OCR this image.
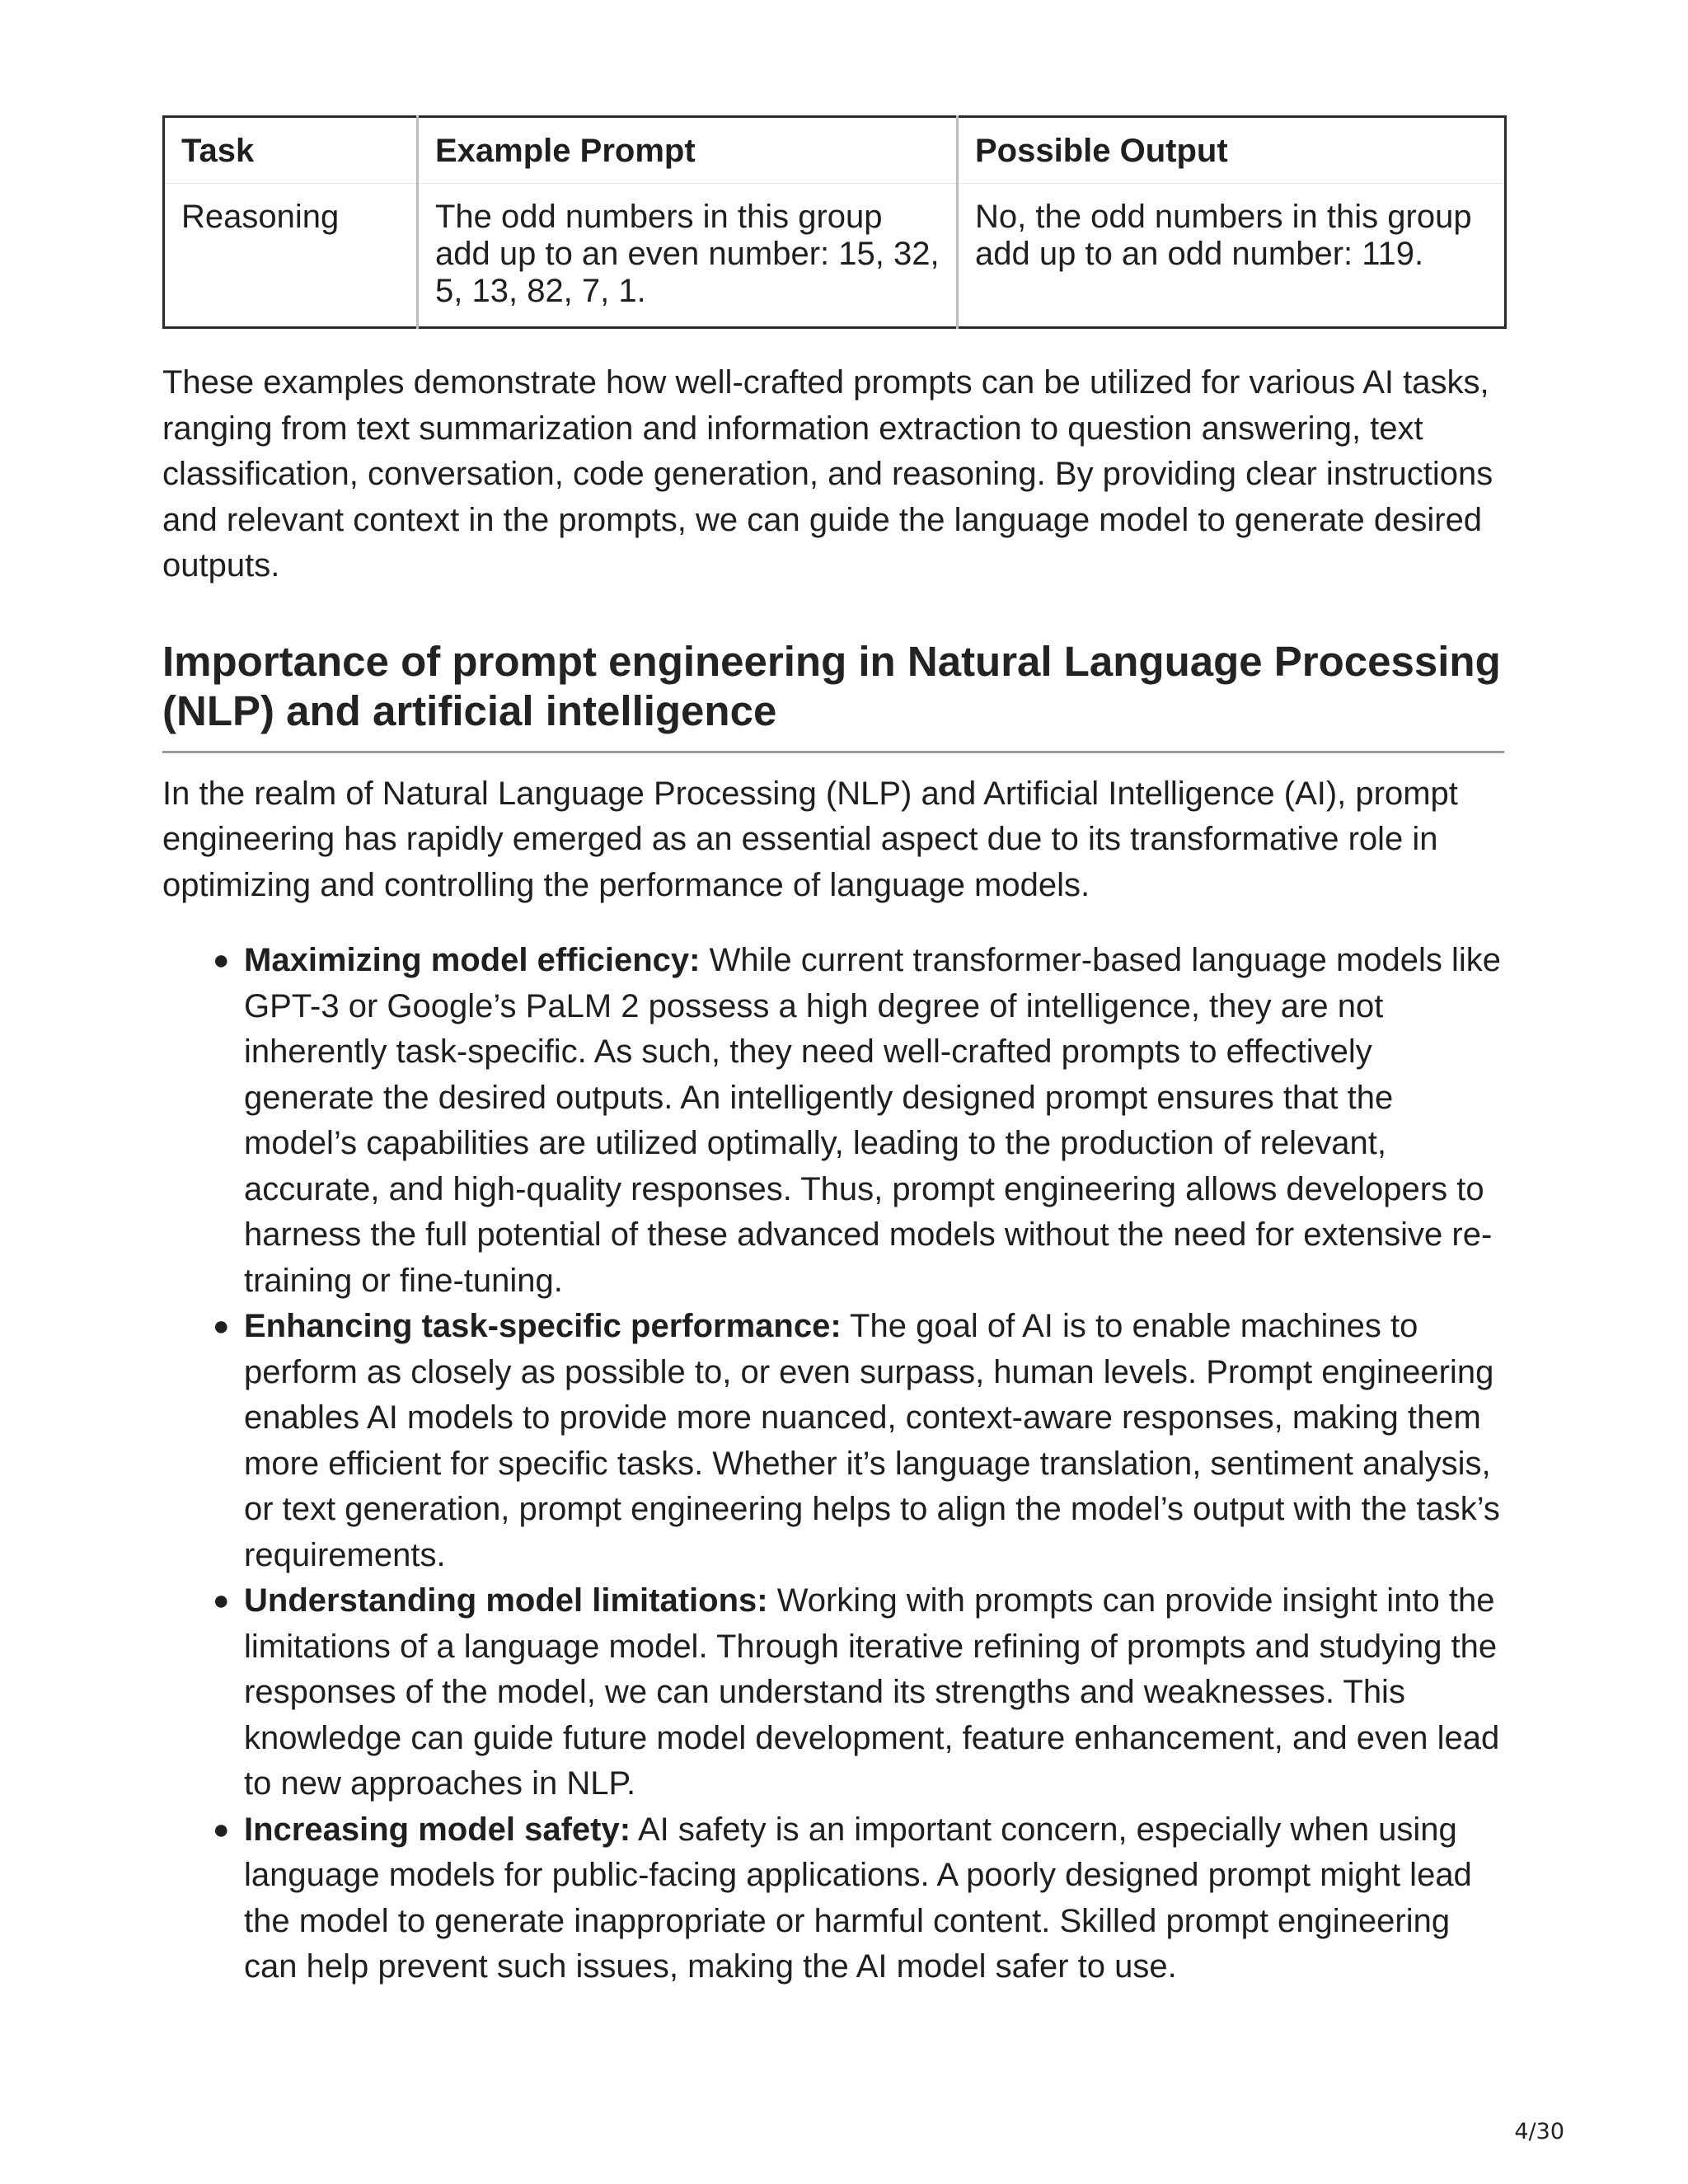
Task	Example Prompt	Possible Output
Reasoning	The odd numbers in this group add up to an even number: 15, 32, 5, 13, 82, 7, 1.	No, the odd numbers in this group add up to an odd number: 119.

These examples demonstrate how well-crafted prompts can be utilized for various AI tasks, ranging from text summarization and information extraction to question answering, text classification, conversation, code generation, and reasoning. By providing clear instructions and relevant context in the prompts, we can guide the language model to generate desired outputs.

Importance of prompt engineering in Natural Language Processing (NLP) and artificial intelligence

In the realm of Natural Language Processing (NLP) and Artificial Intelligence (AI), prompt engineering has rapidly emerged as an essential aspect due to its transformative role in optimizing and controlling the performance of language models.

● Maximizing model efficiency: While current transformer-based language models like GPT-3 or Google’s PaLM 2 possess a high degree of intelligence, they are not inherently task-specific. As such, they need well-crafted prompts to effectively generate the desired outputs. An intelligently designed prompt ensures that the model’s capabilities are utilized optimally, leading to the production of relevant, accurate, and high-quality responses. Thus, prompt engineering allows developers to harness the full potential of these advanced models without the need for extensive re-training or fine-tuning.
● Enhancing task-specific performance: The goal of AI is to enable machines to perform as closely as possible to, or even surpass, human levels. Prompt engineering enables AI models to provide more nuanced, context-aware responses, making them more efficient for specific tasks. Whether it’s language translation, sentiment analysis, or text generation, prompt engineering helps to align the model’s output with the task’s requirements.
● Understanding model limitations: Working with prompts can provide insight into the limitations of a language model. Through iterative refining of prompts and studying the responses of the model, we can understand its strengths and weaknesses. This knowledge can guide future model development, feature enhancement, and even lead to new approaches in NLP.
● Increasing model safety: AI safety is an important concern, especially when using language models for public-facing applications. A poorly designed prompt might lead the model to generate inappropriate or harmful content. Skilled prompt engineering can help prevent such issues, making the AI model safer to use.
4/30
